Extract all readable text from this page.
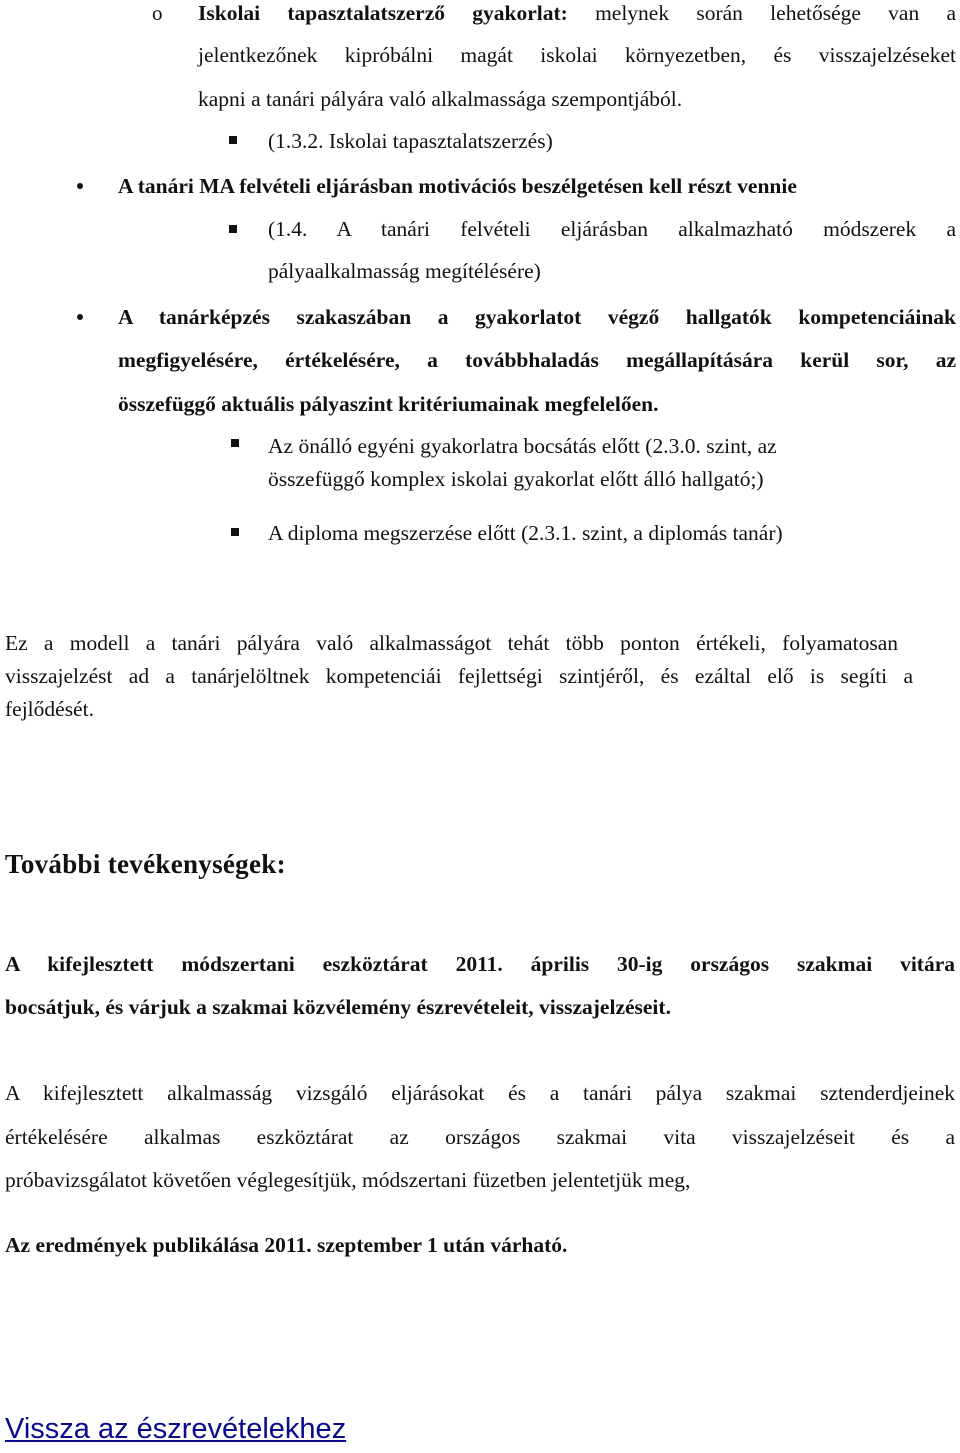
o Iskolai tapasztalatszerző gyakorlat: melynek során lehetősége van a
jelentkezőnek kipróbálni magát iskolai környezetben, és visszajelzéseket
kapni a tanári pályára való alkalmassága szempontjából.
(1.3.2. Iskolai tapasztalatszerzés)
A tanári MA felvételi eljárásban motivációs beszélgetésen kell részt vennie
(1.4. A tanári felvételi eljárásban alkalmazható módszerek a
pályaalkalmasság megítélésére)
A tanárképzés szakaszában a gyakorlatot végző hallgatók kompetenciáinak
megfigyelésére, értékelésére, a továbbhaladás megállapítására kerül sor, az
összefüggő aktuális pályaszint kritériumainak megfelelően.
Az önálló egyéni gyakorlatra bocsátás előtt (2.3.0. szint, az
összefüggő komplex iskolai gyakorlat előtt álló hallgató;)
A diploma megszerzése előtt (2.3.1. szint, a diplomás tanár)
Ez a modell a tanári pályára való alkalmasságot tehát több ponton értékeli, folyamatosan
visszajelzést ad a tanárjelöltnek kompetenciái fejlettségi szintjéről, és ezáltal elő is segíti a
fejlődését.
További tevékenységek:
A kifejlesztett módszertani eszköztárat 2011. április 30-ig országos szakmai vitára
bocsátjuk, és várjuk a szakmai közvélemény észrevételeit, visszajelzéseit.
A kifejlesztett alkalmasság vizsgáló eljárásokat és a tanári pálya szakmai sztenderdjeinek
értékelésére alkalmas eszköztárat az országos szakmai vita visszajelzéseit és a
próbavizsgálatot követően véglegesítjük, módszertani füzetben jelentetjük meg,
Az eredmények publikálása 2011. szeptember 1 után várható.
Vissza az észrevételekhez
